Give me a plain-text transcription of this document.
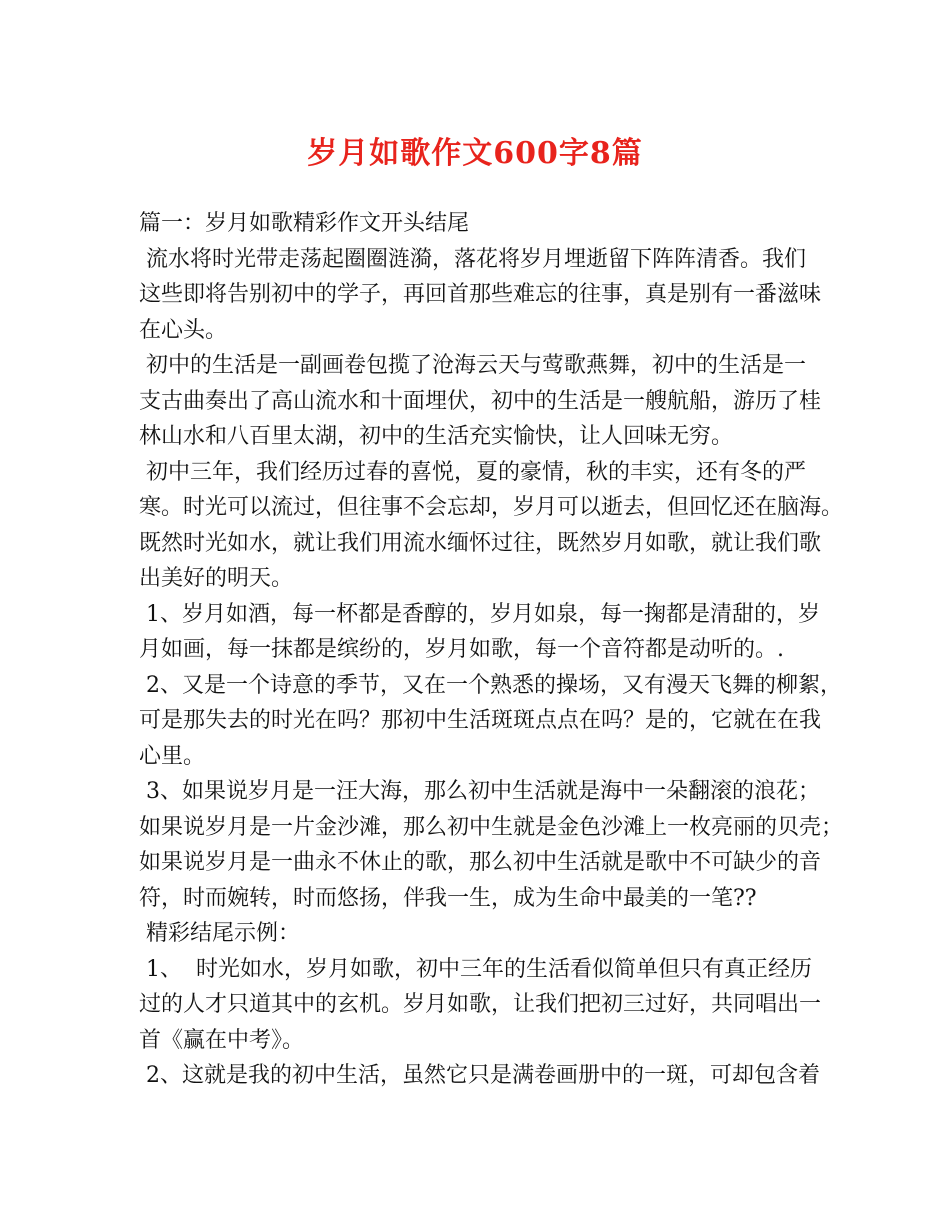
岁月如歌作文600字8篇
篇一：岁月如歌精彩作文开头结尾
流水将时光带走荡起圈圈涟漪，落花将岁月埋逝留下阵阵清香。我们
这些即将告别初中的学子，再回首那些难忘的往事，真是别有一番滋味
在心头。
初中的生活是一副画卷包揽了沧海云天与莺歌燕舞，初中的生活是一
支古曲奏出了高山流水和十面埋伏，初中的生活是一艘航船，游历了桂
林山水和八百里太湖，初中的生活充实愉快，让人回味无穷。
初中三年，我们经历过春的喜悦，夏的豪情，秋的丰实，还有冬的严
寒。时光可以流过，但往事不会忘却，岁月可以逝去，但回忆还在脑海。
既然时光如水，就让我们用流水缅怀过往，既然岁月如歌，就让我们歌
出美好的明天。
1、岁月如酒，每一杯都是香醇的，岁月如泉，每一掬都是清甜的，岁
月如画，每一抹都是缤纷的，岁月如歌，每一个音符都是动听的。.
2、又是一个诗意的季节，又在一个熟悉的操场，又有漫天飞舞的柳絮，
可是那失去的时光在吗？那初中生活斑斑点点在吗？是的，它就在在我
心里。
3、如果说岁月是一汪大海，那么初中生活就是海中一朵翻滚的浪花；
如果说岁月是一片金沙滩，那么初中生就是金色沙滩上一枚亮丽的贝壳；
如果说岁月是一曲永不休止的歌，那么初中生活就是歌中不可缺少的音
符，时而婉转，时而悠扬，伴我一生，成为生命中最美的一笔??
精彩结尾示例：
1、  时光如水，岁月如歌，初中三年的生活看似简单但只有真正经历
过的人才只道其中的玄机。岁月如歌，让我们把初三过好，共同唱出一
首《赢在中考》。
2、这就是我的初中生活，虽然它只是满卷画册中的一斑，可却包含着
